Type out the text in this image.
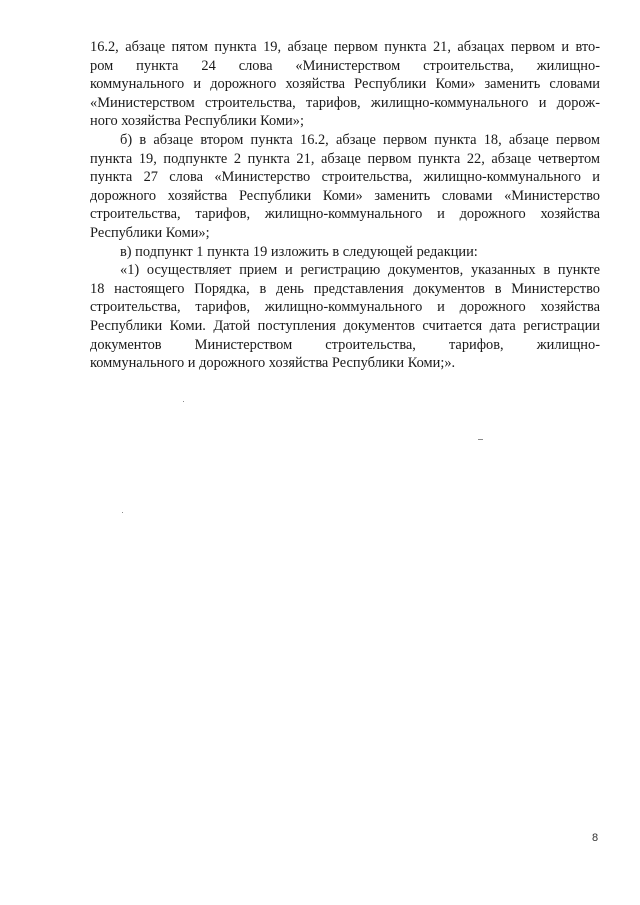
16.2, абзаце пятом пункта 19, абзаце первом пункта 21, абзацах первом и вто-
ром пункта 24 слова «Министерством строительства, жилищно-
коммунального и дорожного хозяйства Республики Коми» заменить словами
«Министерством строительства, тарифов, жилищно-коммунального и дорож-
ного хозяйства Республики Коми»;
б) в абзаце втором пункта 16.2, абзаце первом пункта 18, абзаце первом
пункта 19, подпункте 2 пункта 21, абзаце первом пункта 22, абзаце четвертом
пункта 27 слова «Министерство строительства, жилищно-коммунального и
дорожного хозяйства Республики Коми» заменить словами «Министерство
строительства, тарифов, жилищно-коммунального и дорожного хозяйства
Республики Коми»;
в) подпункт 1 пункта 19 изложить в следующей редакции:
«1) осуществляет прием и регистрацию документов, указанных в пункте
18 настоящего Порядка, в день представления документов в Министерство
строительства, тарифов, жилищно-коммунального и дорожного хозяйства
Республики Коми. Датой поступления документов считается дата регистрации
документов Министерством строительства, тарифов, жилищно-
коммунального и дорожного хозяйства Республики Коми;».
8
